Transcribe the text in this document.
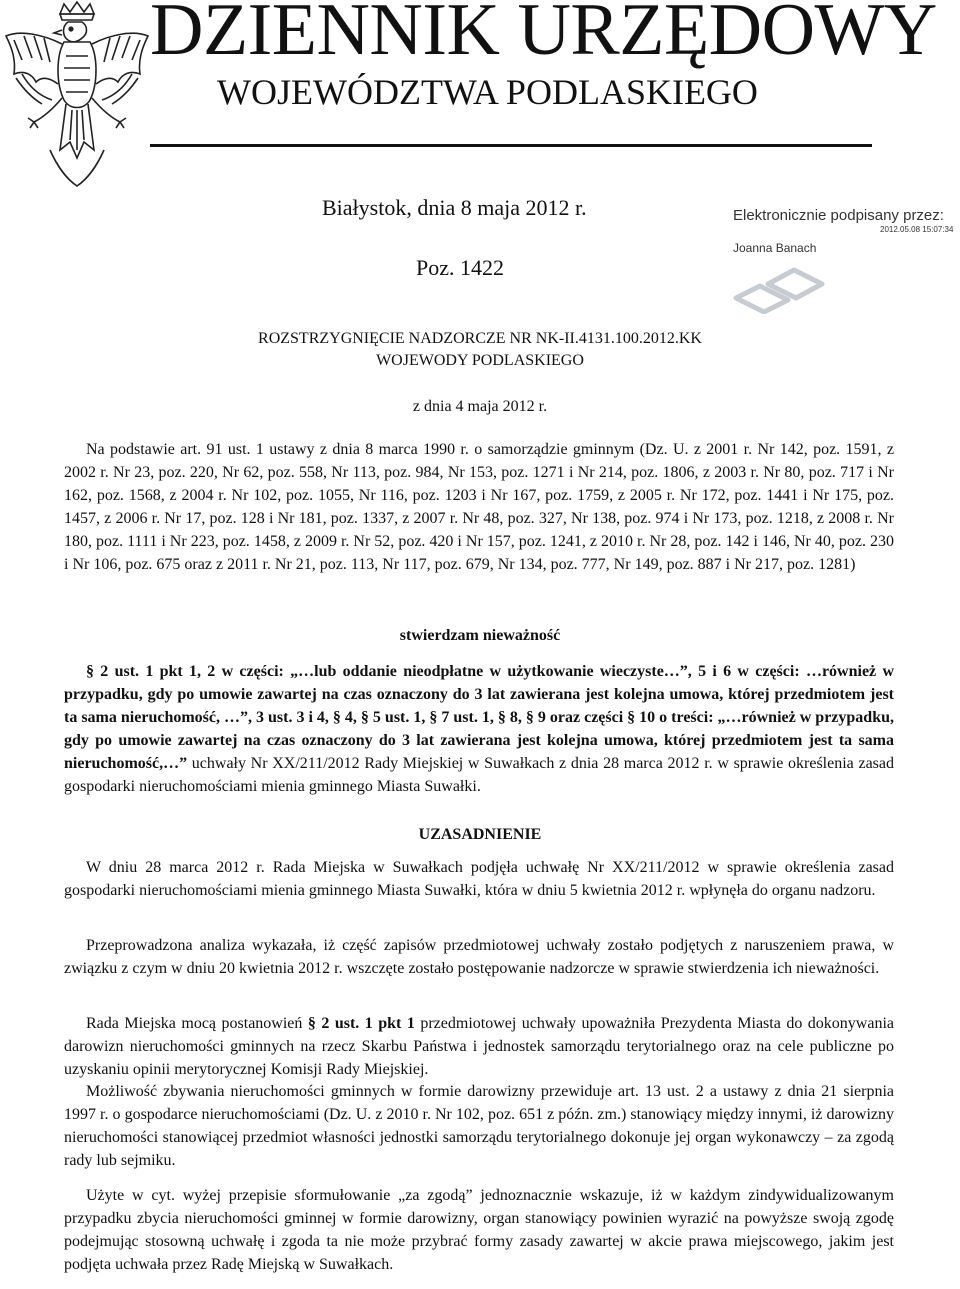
DZIENNIK URZĘDOWY
WOJEWÓDZTWA PODLASKIEGO
Białystok, dnia 8 maja 2012 r.
Poz. 1422
Elektronicznie podpisany przez:
2012.05.08 15:07:34
Joanna Banach
ROZSTRZYGNIĘCIE NADZORCZE NR NK-II.4131.100.2012.KK
WOJEWODY PODLASKIEGO
z dnia 4 maja 2012 r.

Na podstawie art. 91 ust. 1 ustawy z dnia 8 marca 1990 r. o samorządzie gminnym (Dz. U. z 2001 r. Nr 142, poz. 1591, z 2002 r. Nr 23, poz. 220, Nr 62, poz. 558, Nr 113, poz. 984, Nr 153, poz. 1271 i Nr 214, poz. 1806, z 2003 r. Nr 80, poz. 717 i Nr 162, poz. 1568, z 2004 r. Nr 102, poz. 1055, Nr 116, poz. 1203 i Nr 167, poz. 1759, z 2005 r. Nr 172, poz. 1441 i Nr 175, poz. 1457, z 2006 r. Nr 17, poz. 128 i Nr 181, poz. 1337, z 2007 r. Nr 48, poz. 327, Nr 138, poz. 974 i Nr 173, poz. 1218, z 2008 r. Nr 180, poz. 1111 i Nr 223, poz. 1458, z 2009 r. Nr 52, poz. 420 i Nr 157, poz. 1241, z 2010 r. Nr 28, poz. 142 i 146, Nr 40, poz. 230 i Nr 106, poz. 675 oraz z 2011 r. Nr 21, poz. 113, Nr 117, poz. 679, Nr 134, poz. 777, Nr 149, poz. 887 i Nr 217, poz. 1281)

stwierdzam nieważność

§ 2 ust. 1 pkt 1, 2 w części: „…lub oddanie nieodpłatne w użytkowanie wieczyste…”, 5 i 6 w części: …również w przypadku, gdy po umowie zawartej na czas oznaczony do 3 lat zawierana jest kolejna umowa, której przedmiotem jest ta sama nieruchomość, …”, 3 ust. 3 i 4, § 4, § 5 ust. 1, § 7 ust. 1, § 8, § 9 oraz części § 10 o treści: „…również w przypadku, gdy po umowie zawartej na czas oznaczony do 3 lat zawierana jest kolejna umowa, której przedmiotem jest ta sama nieruchomość,…” uchwały Nr XX/211/2012 Rady Miejskiej w Suwałkach z dnia 28 marca 2012 r. w sprawie określenia zasad gospodarki nieruchomościami mienia gminnego Miasta Suwałki.

UZASADNIENIE

W dniu 28 marca 2012 r. Rada Miejska w Suwałkach podjęła uchwałę Nr XX/211/2012 w sprawie określenia zasad gospodarki nieruchomościami mienia gminnego Miasta Suwałki, która w dniu 5 kwietnia 2012 r. wpłynęła do organu nadzoru.

Przeprowadzona analiza wykazała, iż część zapisów przedmiotowej uchwały zostało podjętych z naruszeniem prawa, w związku z czym w dniu 20 kwietnia 2012 r. wszczęte zostało postępowanie nadzorcze w sprawie stwierdzenia ich nieważności.

Rada Miejska mocą postanowień § 2 ust. 1 pkt 1 przedmiotowej uchwały upoważniła Prezydenta Miasta do dokonywania darowizn nieruchomości gminnych na rzecz Skarbu Państwa i jednostek samorządu terytorialnego oraz na cele publiczne po uzyskaniu opinii merytorycznej Komisji Rady Miejskiej.

Możliwość zbywania nieruchomości gminnych w formie darowizny przewiduje art. 13 ust. 2 a ustawy z dnia 21 sierpnia 1997 r. o gospodarce nieruchomościami (Dz. U. z 2010 r. Nr 102, poz. 651 z późn. zm.) stanowiący między innymi, iż darowizny nieruchomości stanowiącej przedmiot własności jednostki samorządu terytorialnego dokonuje jej organ wykonawczy – za zgodą rady lub sejmiku.

Użyte w cyt. wyżej przepisie sformułowanie „za zgodą” jednoznacznie wskazuje, iż w każdym zindywidualizowanym przypadku zbycia nieruchomości gminnej w formie darowizny, organ stanowiący powinien wyrazić na powyższe swoją zgodę podejmując stosowną uchwałę i zgoda ta nie może przybrać formy zasady zawartej w akcie prawa miejscowego, jakim jest podjęta uchwała przez Radę Miejską w Suwałkach.
